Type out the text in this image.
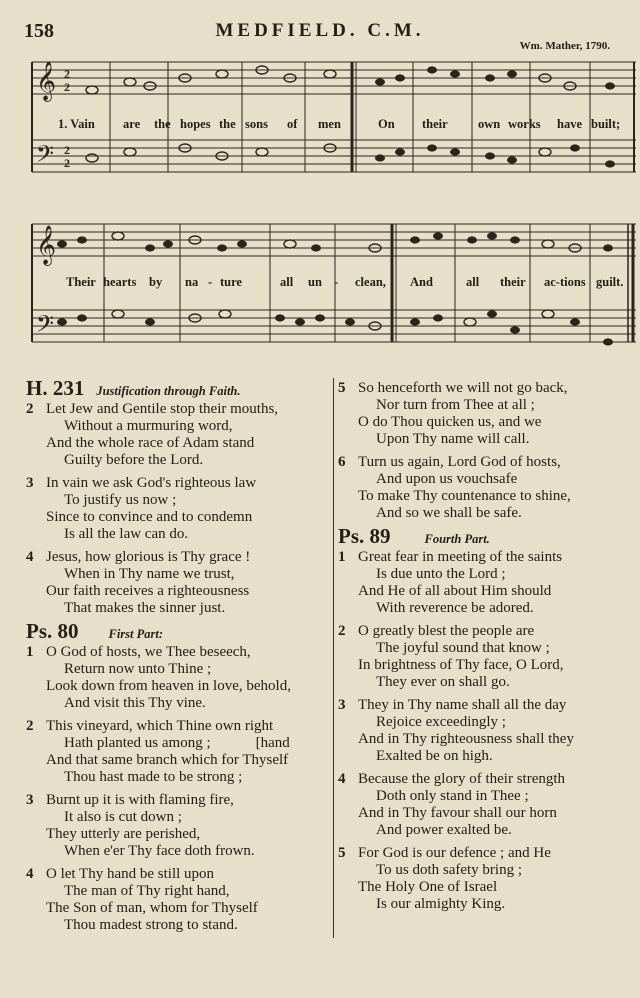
158	MEDFIELD. C.M.
Wm. Mather, 1790.
𝄞
𝄢
2
2
2
2
1. Vain are the hopes the sons of men	On their own works have built;
𝄞
𝄢
Their hearts by na - ture	all un - clean, And	all their ac-tions guilt.
H. 231 Justification through Faith.
2 Let Jew and Gentile stop their mouths,
Without a murmuring word,
And the whole race of Adam stand
Guilty before the Lord.
3 In vain we ask God's righteous law
To justify us now ;
Since to convince and to condemn
Is all the law can do.
4 Jesus, how glorious is Thy grace !
When in Thy name we trust,
Our faith receives a righteousness
That makes the sinner just.
Ps. 80 First Part:
1 O God of hosts, we Thee beseech,
Return now unto Thine ;
Look down from heaven in love, behold,
And visit this Thy vine.
2 This vineyard, which Thine own right
Hath planted us among ;            [hand
And that same branch which for Thyself
Thou hast made to be strong ;
3 Burnt up it is with flaming fire,
It also is cut down ;
They utterly are perished,
When e'er Thy face doth frown.
4 O let Thy hand be still upon
The man of Thy right hand,
The Son of man, whom for Thyself
Thou madest strong to stand.
5 So henceforth we will not go back,
Nor turn from Thee at all ;
O do Thou quicken us, and we
Upon Thy name will call.
6 Turn us again, Lord God of hosts,
And upon us vouchsafe
To make Thy countenance to shine,
And so we shall be safe.
Ps. 89	Fourth Part.
1 Great fear in meeting of the saints
Is due unto the Lord ;
And He of all about Him should
With reverence be adored.
2 O greatly blest the people are
The joyful sound that know ;
In brightness of Thy face, O Lord,
They ever on shall go.
3 They in Thy name shall all the day
Rejoice exceedingly ;
And in Thy righteousness shall they
Exalted be on high.
4 Because the glory of their strength
Doth only stand in Thee ;
And in Thy favour shall our horn
And power exalted be.
5 For God is our defence ; and He
To us doth safety bring ;
The Holy One of Israel
Is our almighty King.
